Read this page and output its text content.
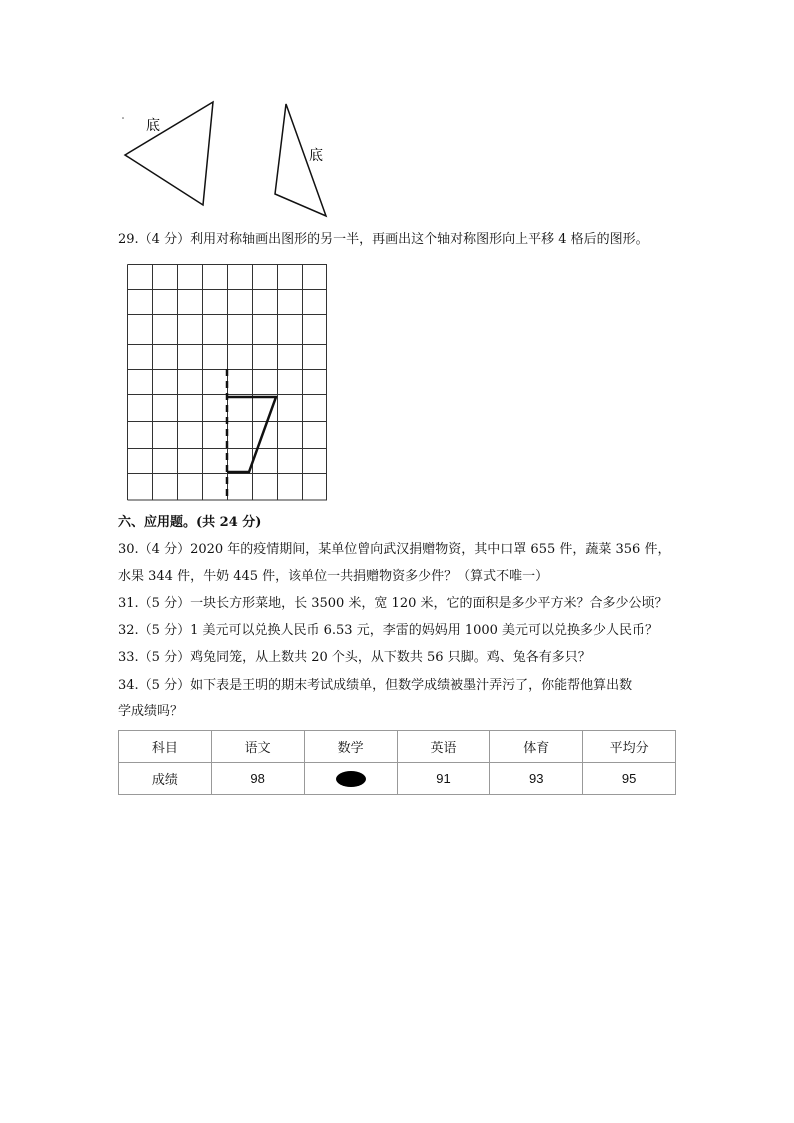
底
底
29.（4 分）利用对称轴画出图形的另一半，再画出这个轴对称图形向上平移 4 格后的图形。
六、应用题。(共 24 分)
30.（4 分）2020 年的疫情期间，某单位曾向武汉捐赠物资，其中口罩 655 件，蔬菜 356 件，
水果 344 件，牛奶 445 件，该单位一共捐赠物资多少件？（算式不唯一）
31.（5 分）一块长方形菜地，长 3500 米，宽 120 米，它的面积是多少平方米？合多少公顷？
32.（5 分）1 美元可以兑换人民币 6.53 元，李雷的妈妈用 1000 美元可以兑换多少人民币？
33.（5 分）鸡兔同笼，从上数共 20 个头，从下数共 56 只脚。鸡、兔各有多只？
34.（5 分）如下表是王明的期末考试成绩单，但数学成绩被墨汁弄污了，你能帮他算出数
学成绩吗？
科目	语文	数学	英语	体育	平均分
成绩	98		91	93	95
